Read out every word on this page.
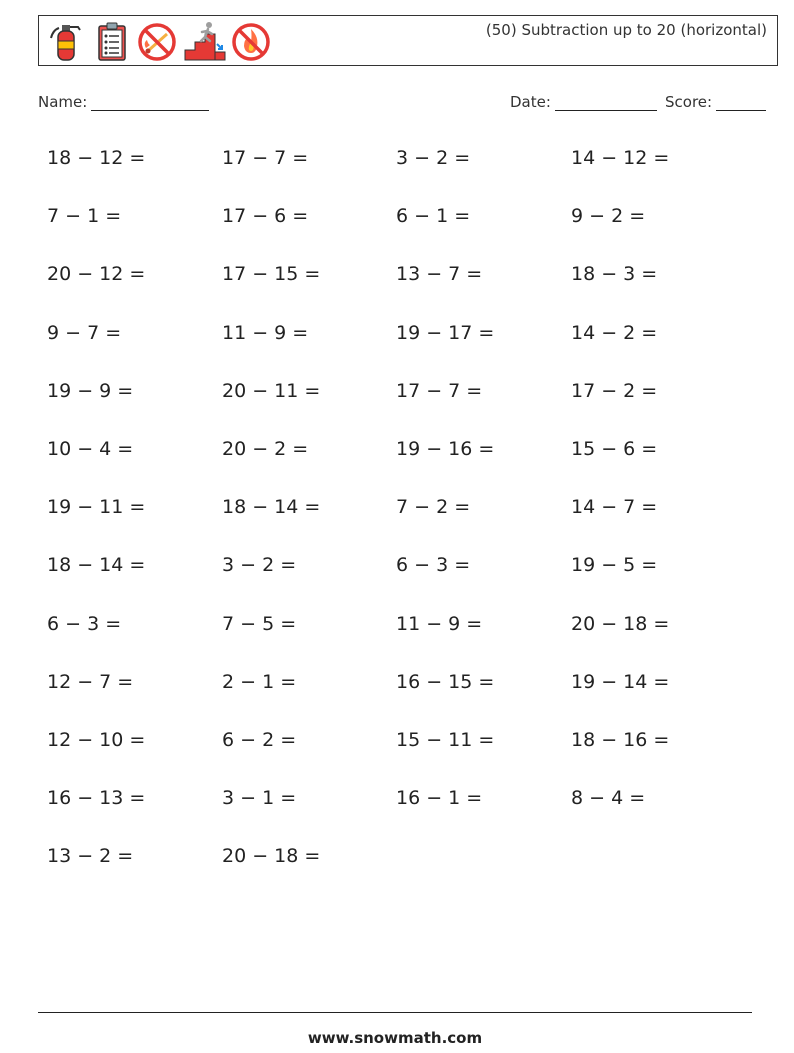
(50) Subtraction up to 20 (horizontal)
Name:	Date:	Score:
18 − 12 =	17 − 7 =	3 − 2 =	14 − 12 =
7 − 1 =	17 − 6 =	6 − 1 =	9 − 2 =
20 − 12 =	17 − 15 =	13 − 7 =	18 − 3 =
9 − 7 =	11 − 9 =	19 − 17 =	14 − 2 =
19 − 9 =	20 − 11 =	17 − 7 =	17 − 2 =
10 − 4 =	20 − 2 =	19 − 16 =	15 − 6 =
19 − 11 =	18 − 14 =	7 − 2 =	14 − 7 =
18 − 14 =	3 − 2 =	6 − 3 =	19 − 5 =
6 − 3 =	7 − 5 =	11 − 9 =	20 − 18 =
12 − 7 =	2 − 1 =	16 − 15 =	19 − 14 =
12 − 10 =	6 − 2 =	15 − 11 =	18 − 16 =
16 − 13 =	3 − 1 =	16 − 1 =	8 − 4 =
13 − 2 =	20 − 18 =
www.snowmath.com
